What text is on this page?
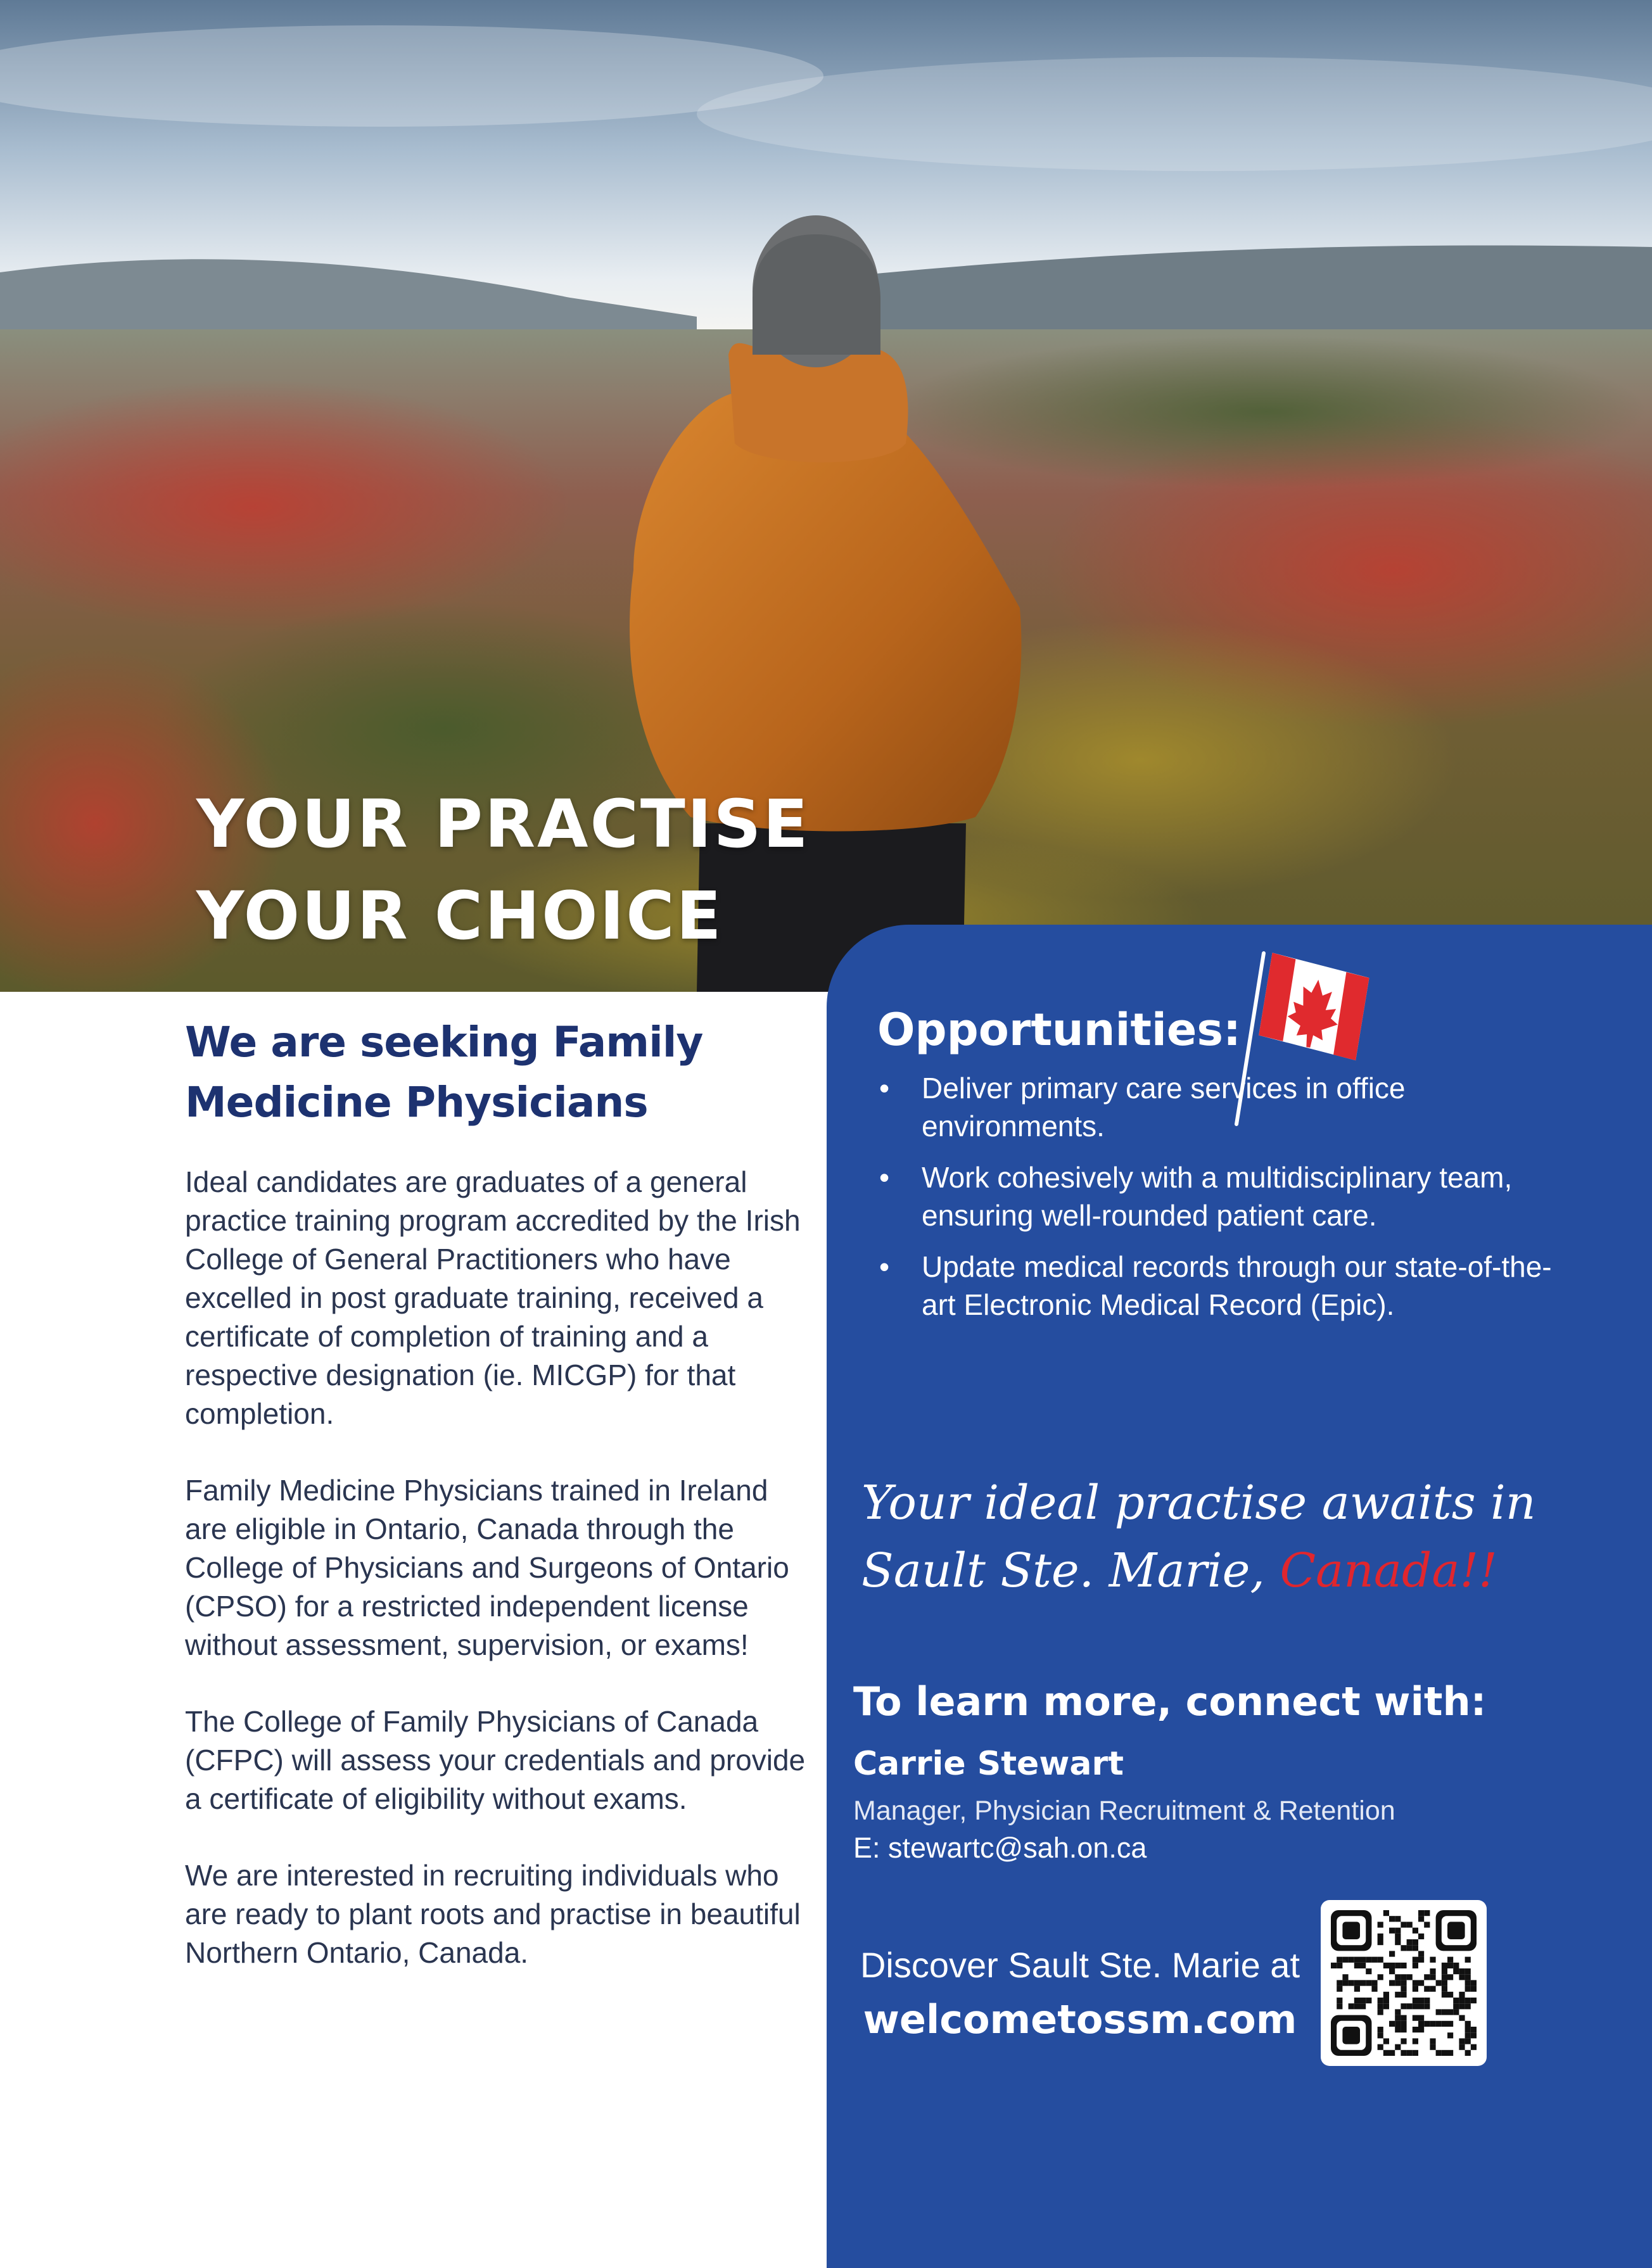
YOUR PRACTISE
YOUR CHOICE
We are seeking Family Medicine Physicians

Ideal candidates are graduates of a general practice training program accredited by the Irish College of General Practitioners who have excelled in post graduate training, received a certificate of completion of training and a respective designation (ie. MICGP) for that completion.

Family Medicine Physicians trained in Ireland are eligible in Ontario, Canada through the College of Physicians and Surgeons of Ontario (CPSO) for a restricted independent license without assessment, supervision, or exams!

The College of Family Physicians of Canada (CFPC) will assess your credentials and provide a certificate of eligibility without exams.

We are interested in recruiting individuals who are ready to plant roots and practise in beautiful Northern Ontario, Canada.

Opportunities:
• Deliver primary care services in office environments.
• Work cohesively with a multidisciplinary team, ensuring well-rounded patient care.
• Update medical records through our state-of-the-art Electronic Medical Record (Epic).
Your ideal practise awaits in Sault Ste. Marie, Canada!!
To learn more, connect with:
Carrie Stewart
Manager, Physician Recruitment & Retention
E: stewartc@sah.on.ca
Discover Sault Ste. Marie at
welcometossm.com
